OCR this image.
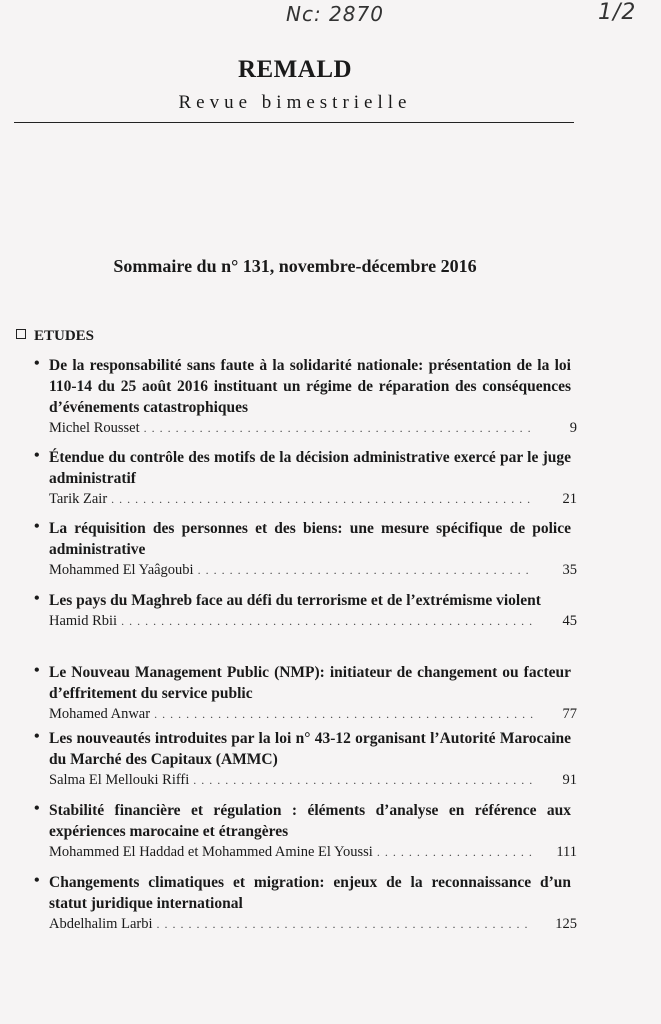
Nc: 2870	1/2
REMALD
Revue bimestrielle
Sommaire du n° 131, novembre-décembre 2016
ETUDES
• De la responsabilité sans faute à la solidarité nationale: présentation de la loi 110-14 du 25 août 2016 instituant un régime de réparation des conséquences d’événements catastrophiques
Michel Rousset . . .	9
• Étendue du contrôle des motifs de la décision administrative exercé par le juge administratif
Tarik Zair . . .	21
• La réquisition des personnes et des biens: une mesure spécifique de police administrative
Mohammed El Yaâgoubi . . .	35
• Les pays du Maghreb face au défi du terrorisme et de l’extrémisme violent
Hamid Rbii . . .	45
• Le Nouveau Management Public (NMP): initiateur de changement ou facteur d’effritement du service public
Mohamed Anwar . . .	77
• Les nouveautés introduites par la loi n° 43-12 organisant l’Autorité Marocaine du Marché des Capitaux (AMMC)
Salma El Mellouki Riffi . . .	91
• Stabilité financière et régulation : éléments d’analyse en référence aux expériences marocaine et étrangères
Mohammed El Haddad et Mohammed Amine El Youssi . . .	111
• Changements climatiques et migration: enjeux de la reconnaissance d’un statut juridique international
Abdelhalim Larbi . . .	125
